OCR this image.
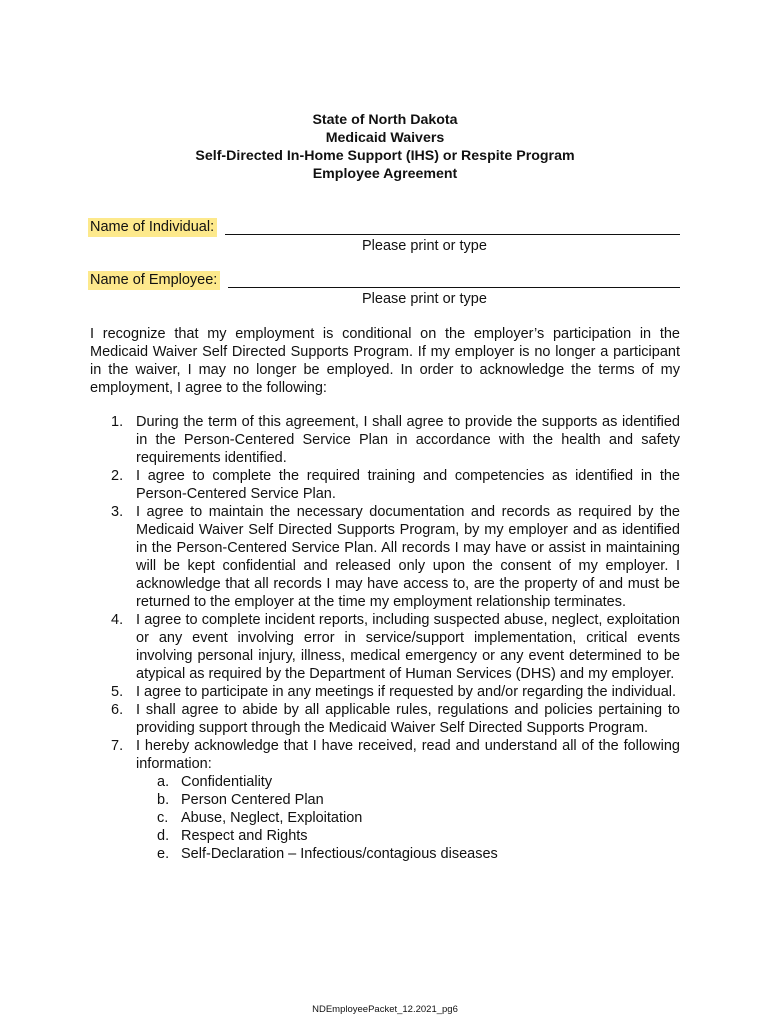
State of North Dakota
Medicaid Waivers
Self-Directed In-Home Support (IHS) or Respite Program
Employee Agreement
Name of Individual:
Please print or type
Name of Employee:
Please print or type
I recognize that my employment is conditional on the employer’s participation in the Medicaid Waiver Self Directed Supports Program. If my employer is no longer a participant in the waiver, I may no longer be employed. In order to acknowledge the terms of my employment, I agree to the following:
1. During the term of this agreement, I shall agree to provide the supports as identified in the Person-Centered Service Plan in accordance with the health and safety requirements identified.
2. I agree to complete the required training and competencies as identified in the Person-Centered Service Plan.
3. I agree to maintain the necessary documentation and records as required by the Medicaid Waiver Self Directed Supports Program, by my employer and as identified in the Person-Centered Service Plan. All records I may have or assist in maintaining will be kept confidential and released only upon the consent of my employer. I acknowledge that all records I may have access to, are the property of and must be returned to the employer at the time my employment relationship terminates.
4. I agree to complete incident reports, including suspected abuse, neglect, exploitation or any event involving error in service/support implementation, critical events involving personal injury, illness, medical emergency or any event determined to be atypical as required by the Department of Human Services (DHS) and my employer.
5. I agree to participate in any meetings if requested by and/or regarding the individual.
6. I shall agree to abide by all applicable rules, regulations and policies pertaining to providing support through the Medicaid Waiver Self Directed Supports Program.
7. I hereby acknowledge that I have received, read and understand all of the following information:
a. Confidentiality
b. Person Centered Plan
c. Abuse, Neglect, Exploitation
d. Respect and Rights
e. Self-Declaration – Infectious/contagious diseases
NDEmployeePacket_12.2021_pg6
